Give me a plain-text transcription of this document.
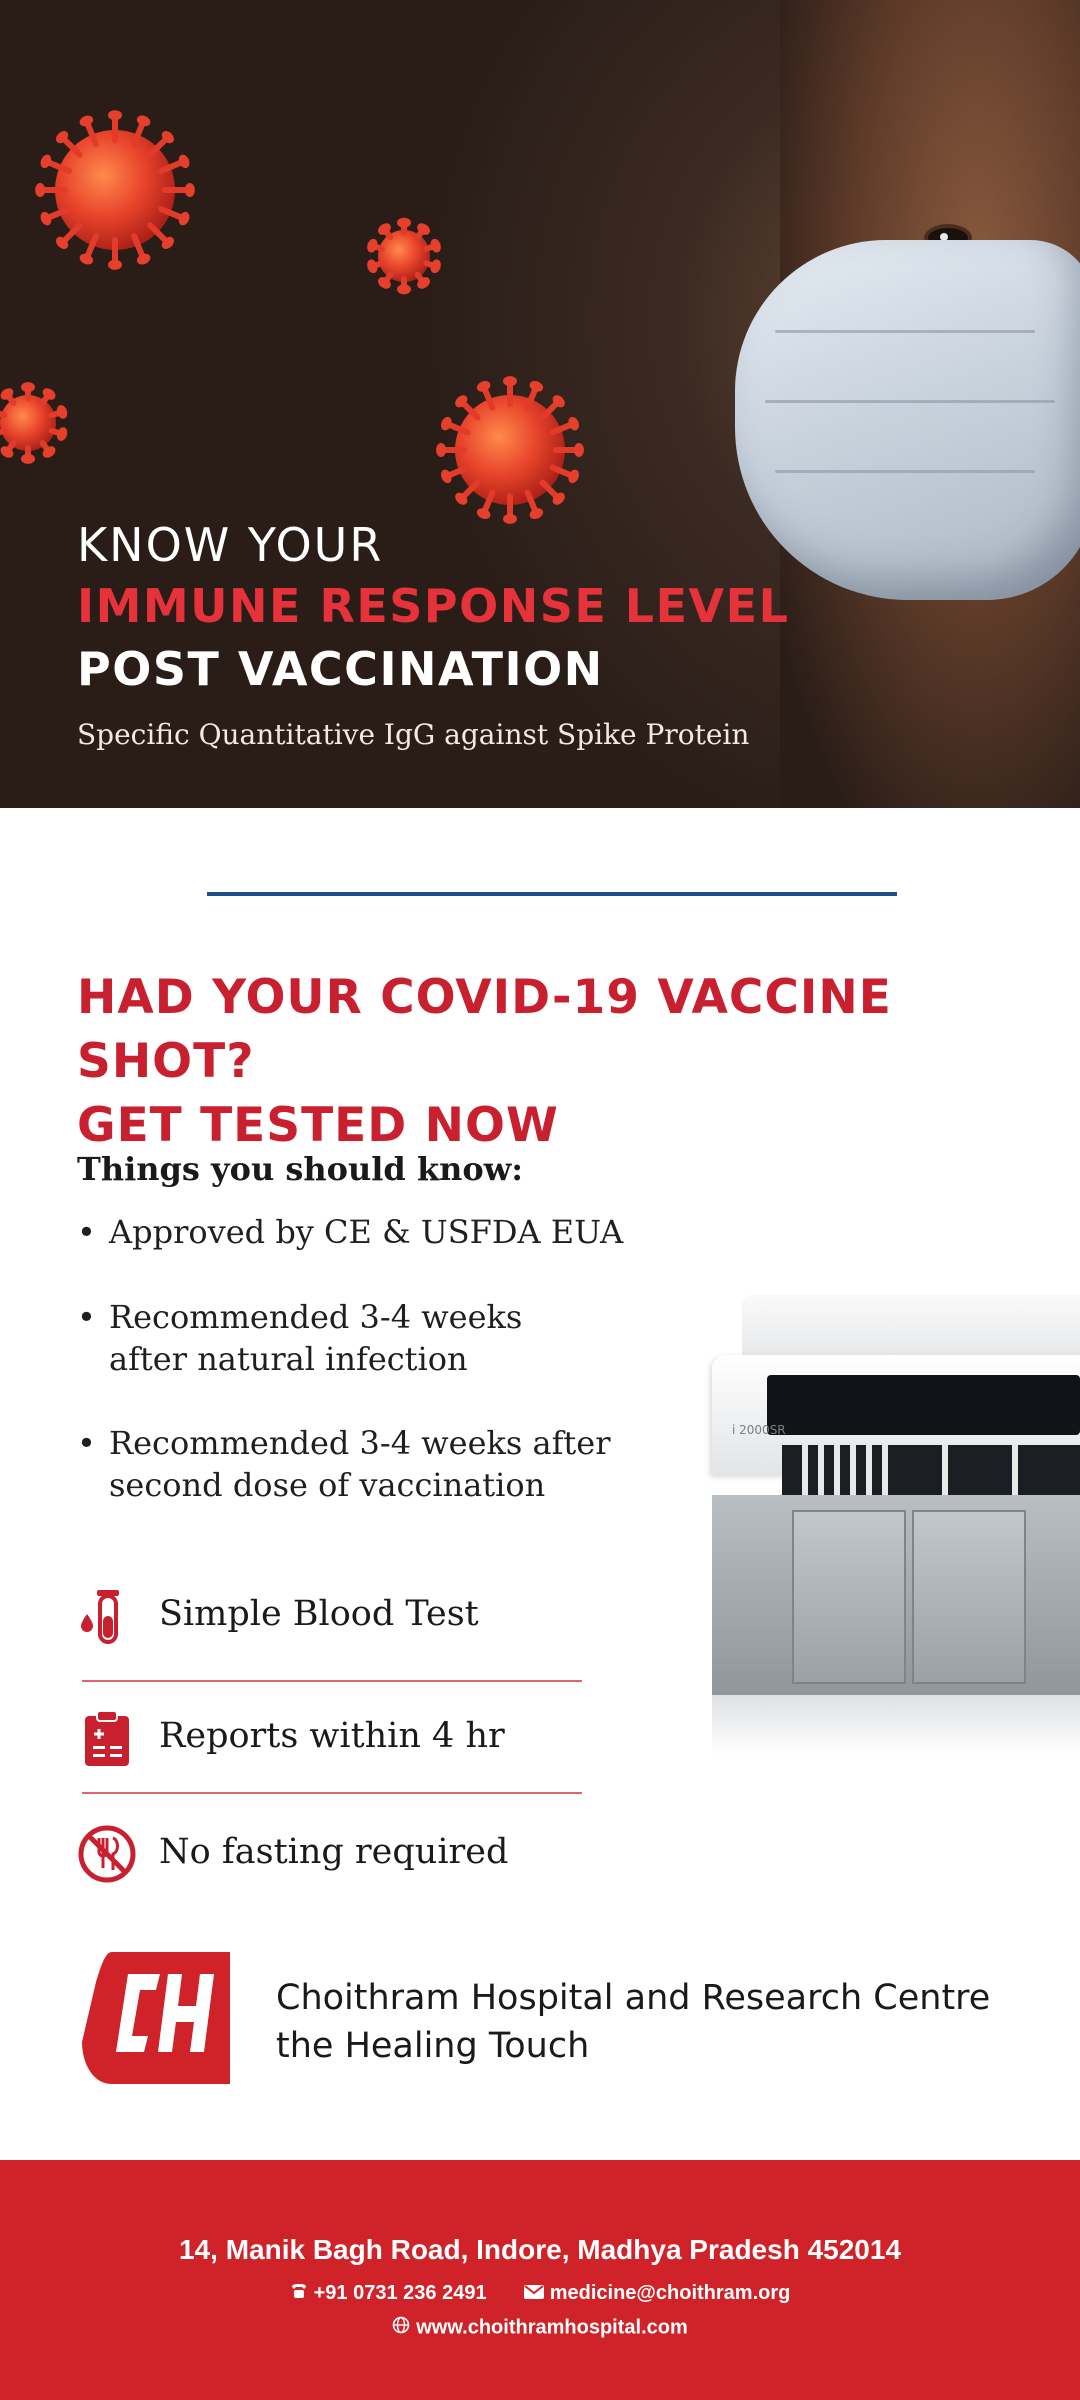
KNOW YOUR
IMMUNE RESPONSE LEVEL
POST VACCINATION
Specific Quantitative IgG against Spike Protein
HAD YOUR COVID-19 VACCINE SHOT?
GET TESTED NOW
Things you should know:
• Approved by CE & USFDA EUA
• Recommended 3-4 weeks
after natural infection
• Recommended 3-4 weeks after
second dose of vaccination
i 2000SR
Simple Blood Test
Reports within 4 hr
No fasting required
Choithram Hospital and Research Centre
the Healing Touch
14, Manik Bagh Road, Indore, Madhya Pradesh 452014
+91 0731 236 2491	medicine@choithram.org
www.choithramhospital.com
